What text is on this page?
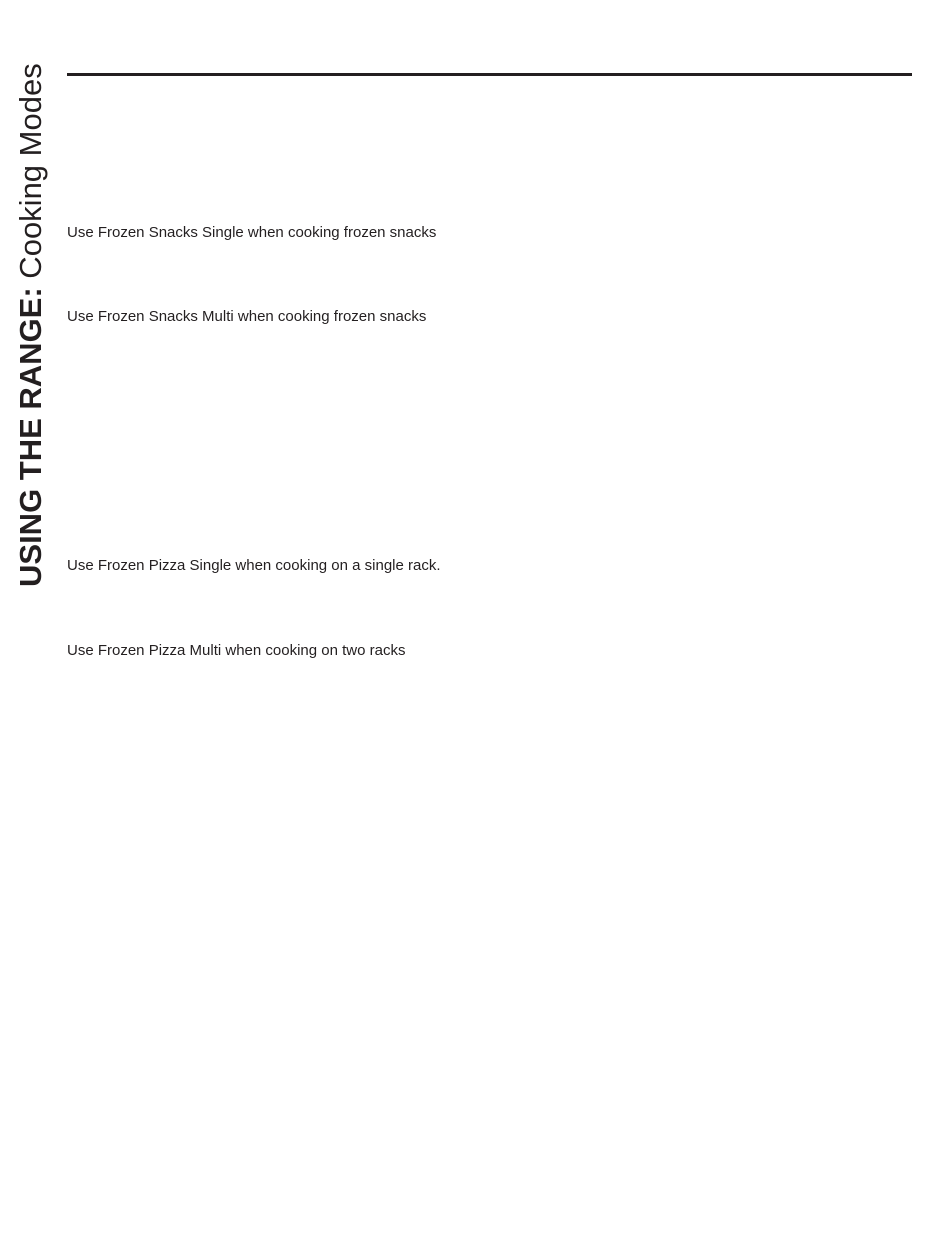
USING THE RANGE: Cooking Modes Use Frozen Snacks Single when cooking frozen snacks
Use Frozen Snacks Multi when cooking frozen snacks
Use Frozen Pizza Single when cooking on a single rack.
Use Frozen Pizza Multi when cooking on two racks
